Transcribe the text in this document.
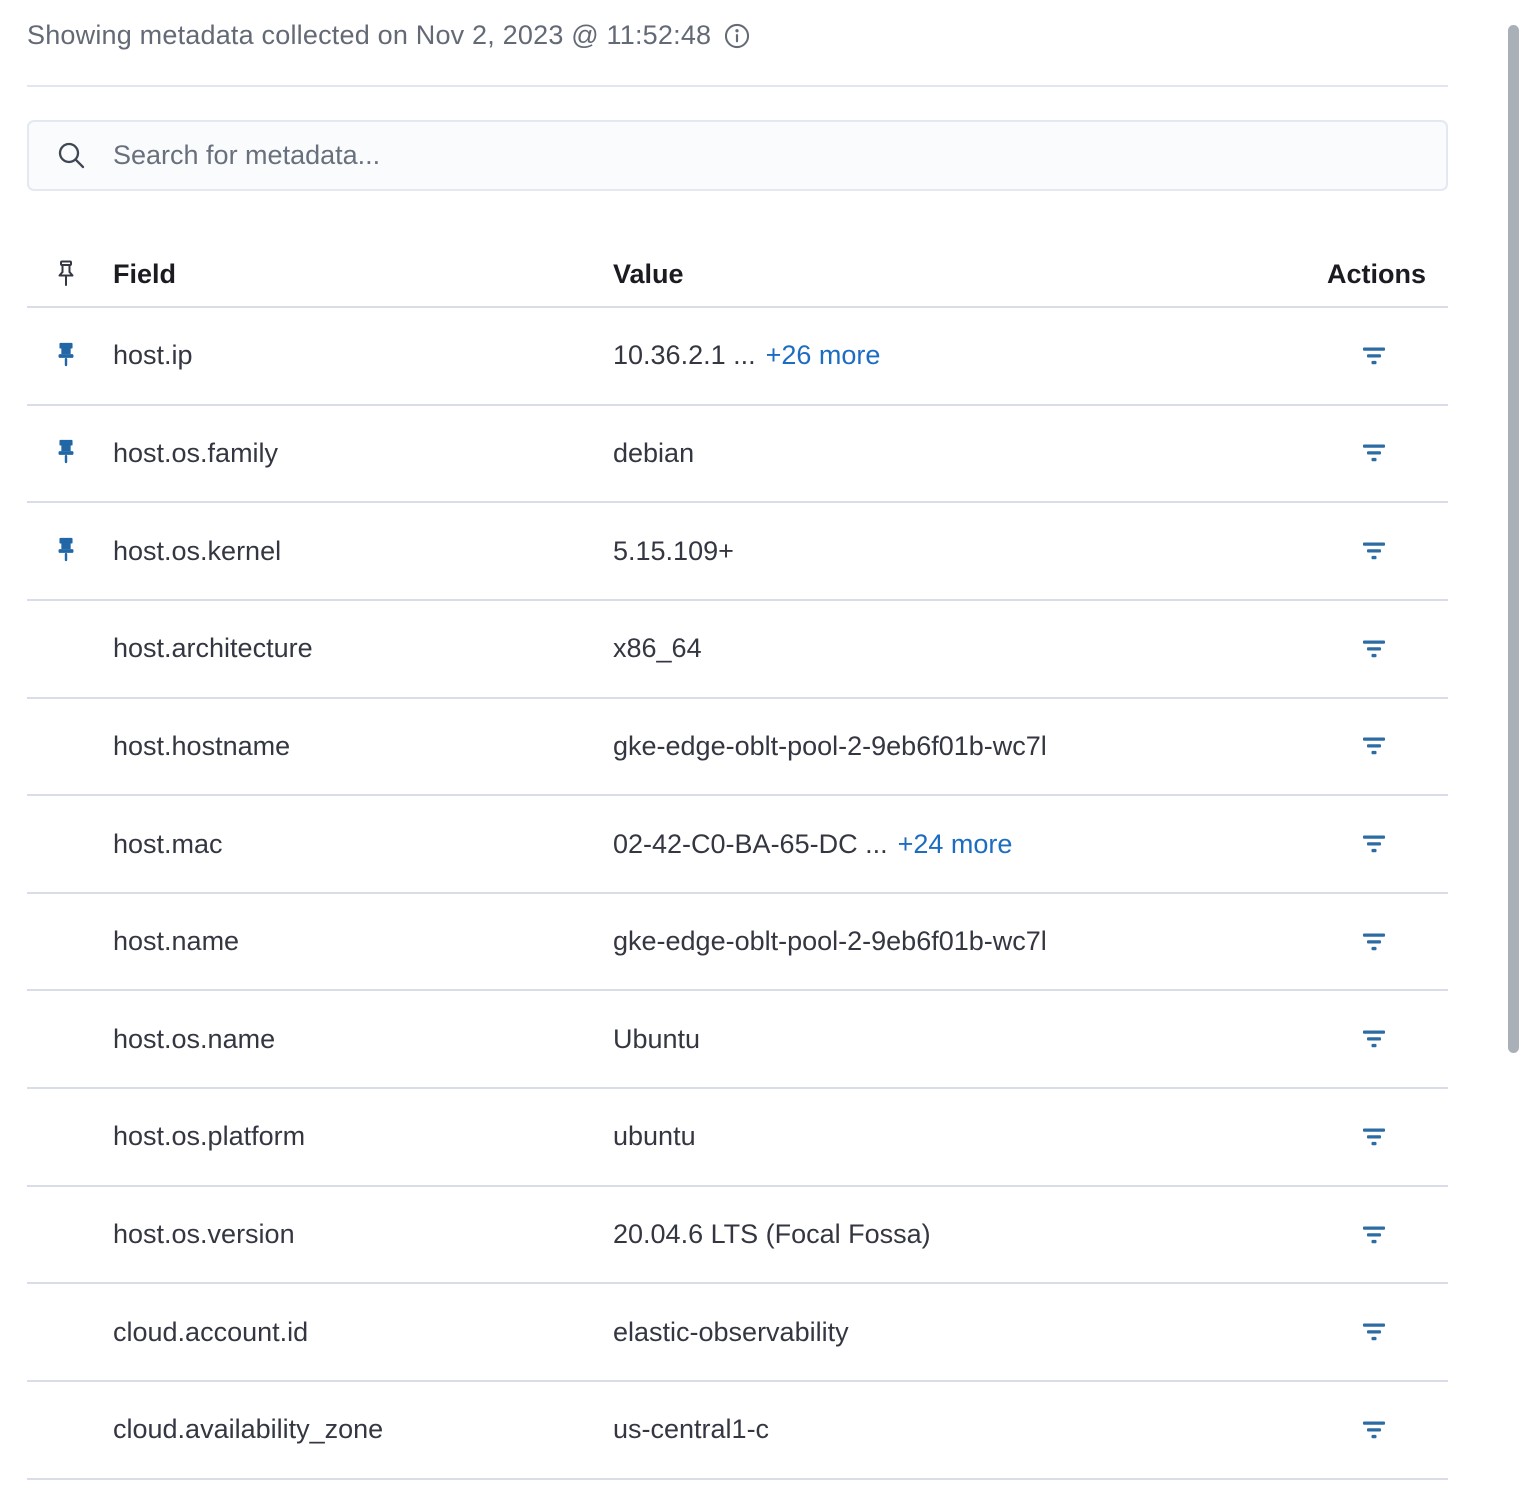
Showing metadata collected on Nov 2, 2023 @ 11:52:48
Search for metadata...
Field	Value	Actions
host.ip	10.36.2.1 ... +26 more
host.os.family	debian
host.os.kernel	5.15.109+
host.architecture	x86_64
host.hostname	gke-edge-oblt-pool-2-9eb6f01b-wc7l
host.mac	02-42-C0-BA-65-DC ... +24 more
host.name	gke-edge-oblt-pool-2-9eb6f01b-wc7l
host.os.name	Ubuntu
host.os.platform	ubuntu
host.os.version	20.04.6 LTS (Focal Fossa)
cloud.account.id	elastic-observability
cloud.availability_zone	us-central1-c
